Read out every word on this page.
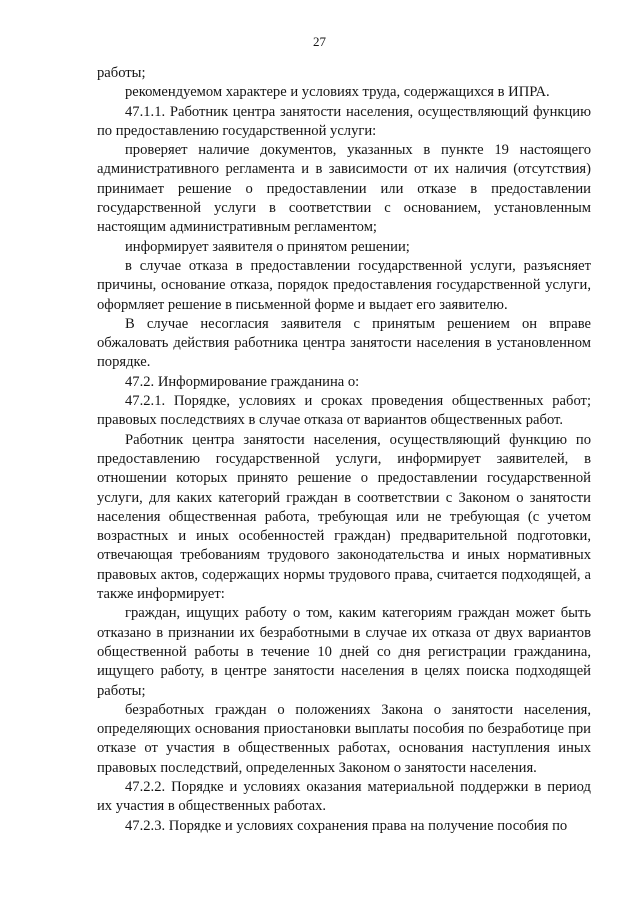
27

работы;

рекомендуемом характере и условиях труда, содержащихся в ИПРА.

47.1.1. Работник центра занятости населения, осуществляющий функцию по предоставлению государственной услуги:

проверяет наличие документов, указанных в пункте 19 настоящего административного регламента и в зависимости от их наличия (отсутствия) принимает решение о предоставлении или отказе в предоставлении государственной услуги в соответствии с основанием, установленным настоящим административным регламентом;

информирует заявителя о принятом решении;

в случае отказа в предоставлении государственной услуги, разъясняет причины, основание отказа, порядок предоставления государственной услуги, оформляет решение в письменной форме и выдает его заявителю.

В случае несогласия заявителя с принятым решением он вправе обжаловать действия работника центра занятости населения в установленном порядке.

47.2. Информирование гражданина о:

47.2.1. Порядке, условиях и сроках проведения общественных работ; правовых последствиях в случае отказа от вариантов общественных работ.

Работник центра занятости населения, осуществляющий функцию по предоставлению государственной услуги, информирует заявителей, в отношении которых принято решение о предоставлении государственной услуги, для каких категорий граждан в соответствии с Законом о занятости населения общественная работа, требующая или не требующая (с учетом возрастных и иных особенностей граждан) предварительной подготовки, отвечающая требованиям трудового законодательства и иных нормативных правовых актов, содержащих нормы трудового права, считается подходящей, а также информирует:

граждан, ищущих работу о том, каким категориям граждан может быть отказано в признании их безработными в случае их отказа от двух вариантов общественной работы в течение 10 дней со дня регистрации гражданина, ищущего работу, в центре занятости населения в целях поиска подходящей работы;

безработных граждан о положениях Закона о занятости населения, определяющих основания приостановки выплаты пособия по безработице при отказе от участия в общественных работах, основания наступления иных правовых последствий, определенных Законом о занятости населения.

47.2.2. Порядке и условиях оказания материальной поддержки в период их участия в общественных работах.

47.2.3. Порядке и условиях сохранения права на получение пособия по
